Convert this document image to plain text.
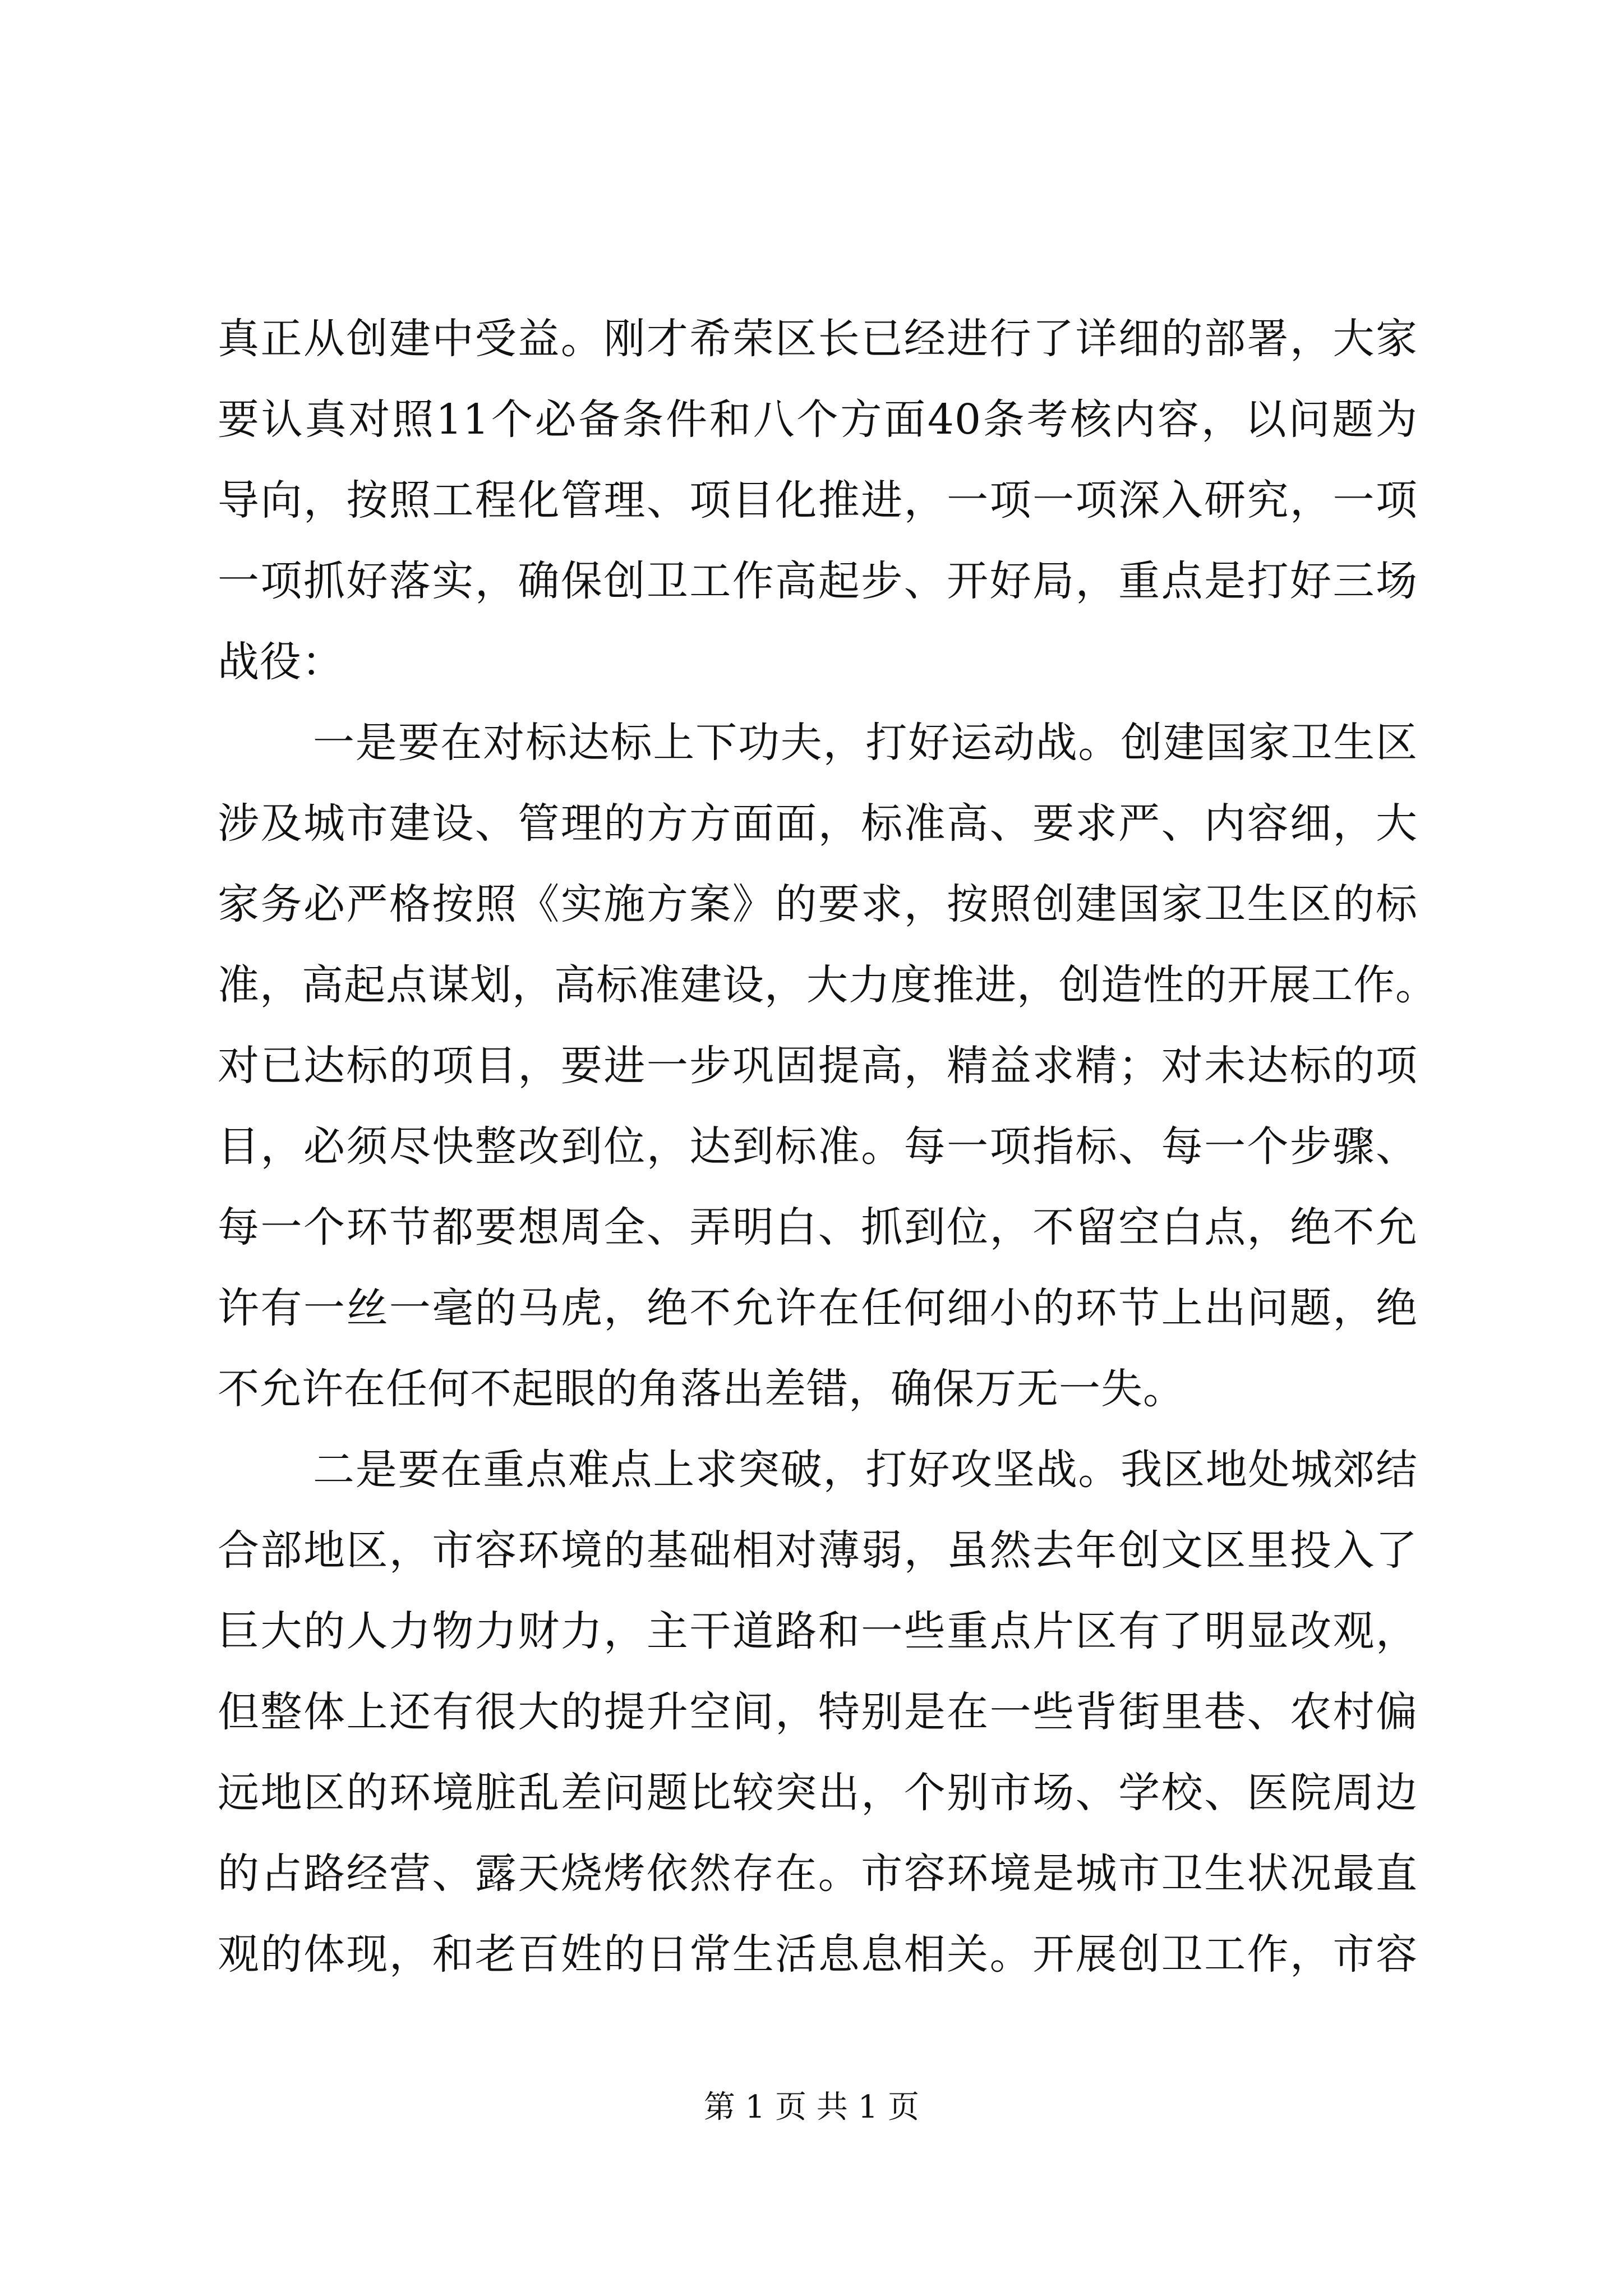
真正从创建中受益。刚才希荣区长已经进行了详细的部署，大家
要认真对照11个必备条件和八个方面40条考核内容，以问题为
导向，按照工程化管理、项目化推进，一项一项深入研究，一项
一项抓好落实，确保创卫工作高起步、开好局，重点是打好三场
战役：
一是要在对标达标上下功夫，打好运动战。创建国家卫生区
涉及城市建设、管理的方方面面，标准高、要求严、内容细，大
家务必严格按照《实施方案》的要求，按照创建国家卫生区的标
准，高起点谋划，高标准建设，大力度推进，创造性的开展工作。
对已达标的项目，要进一步巩固提高，精益求精；对未达标的项
目，必须尽快整改到位，达到标准。每一项指标、每一个步骤、
每一个环节都要想周全、弄明白、抓到位，不留空白点，绝不允
许有一丝一毫的马虎，绝不允许在任何细小的环节上出问题，绝
不允许在任何不起眼的角落出差错，确保万无一失。
二是要在重点难点上求突破，打好攻坚战。我区地处城郊结
合部地区，市容环境的基础相对薄弱，虽然去年创文区里投入了
巨大的人力物力财力，主干道路和一些重点片区有了明显改观，
但整体上还有很大的提升空间，特别是在一些背街里巷、农村偏
远地区的环境脏乱差问题比较突出，个别市场、学校、医院周边
的占路经营、露天烧烤依然存在。市容环境是城市卫生状况最直
观的体现，和老百姓的日常生活息息相关。开展创卫工作，市容
第 1 页 共 1 页
